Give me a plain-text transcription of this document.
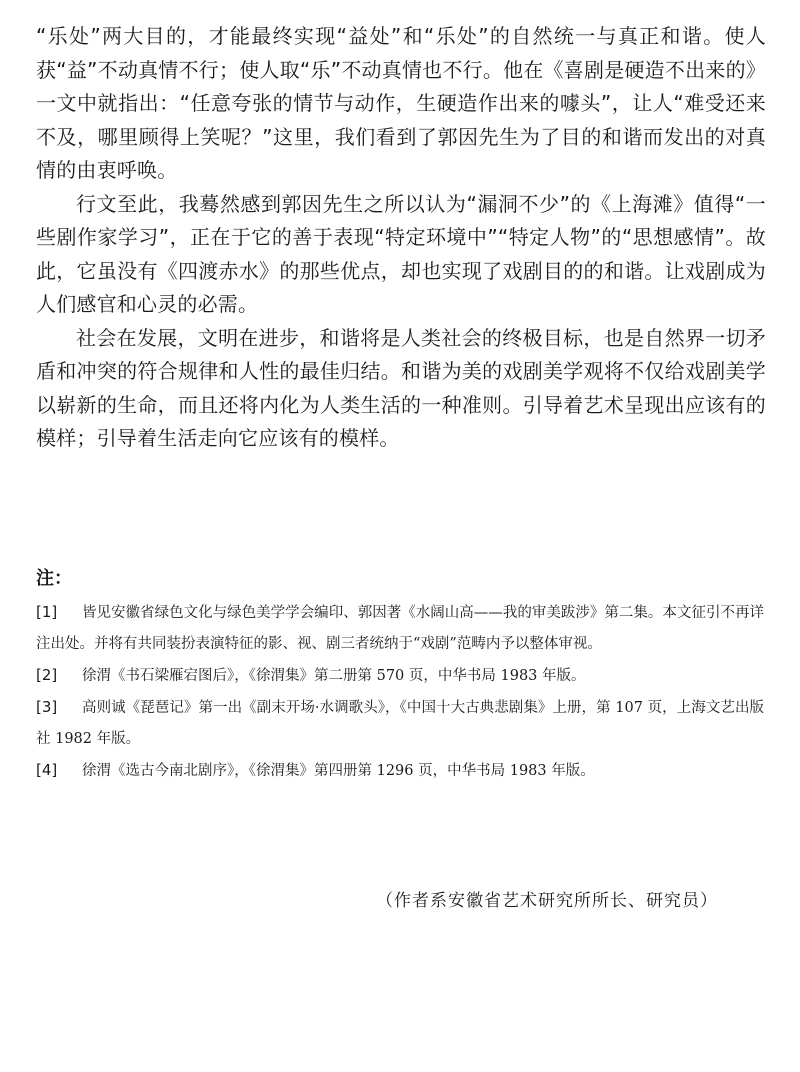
“乐处”两大目的，才能最终实现“益处”和“乐处”的自然统一与真正和谐。使人获“益”不动真情不行；使人取“乐”不动真情也不行。他在《喜剧是硬造不出来的》一文中就指出：“任意夸张的情节与动作，生硬造作出来的噱头”，让人“难受还来不及，哪里顾得上笑呢？”这里，我们看到了郭因先生为了目的和谐而发出的对真情的由衷呼唤。

行文至此，我蓦然感到郭因先生之所以认为“漏洞不少”的《上海滩》值得“一些剧作家学习”，正在于它的善于表现“特定环境中”“特定人物”的“思想感情”。故此，它虽没有《四渡赤水》的那些优点，却也实现了戏剧目的的和谐。让戏剧成为人们感官和心灵的必需。

社会在发展，文明在进步，和谐将是人类社会的终极目标，也是自然界一切矛盾和冲突的符合规律和人性的最佳归结。和谐为美的戏剧美学观将不仅给戏剧美学以崭新的生命，而且还将内化为人类生活的一种准则。引导着艺术呈现出应该有的模样；引导着生活走向它应该有的模样。

注：

[1] 皆见安徽省绿色文化与绿色美学学会编印、郭因著《水阔山高——我的审美跋涉》第二集。本文征引不再详注出处。并将有共同装扮表演特征的影、视、剧三者统纳于“戏剧”范畴内予以整体审视。

[2] 徐渭《书石梁雁宕图后》，《徐渭集》第二册第 570 页，中华书局 1983 年版。

[3] 高则诚《琵琶记》第一出《副末开场·水调歌头》，《中国十大古典悲剧集》上册，第 107 页，上海文艺出版社 1982 年版。

[4] 徐渭《选古今南北剧序》，《徐渭集》第四册第 1296 页，中华书局 1983 年版。

（作者系安徽省艺术研究所所长、研究员）
